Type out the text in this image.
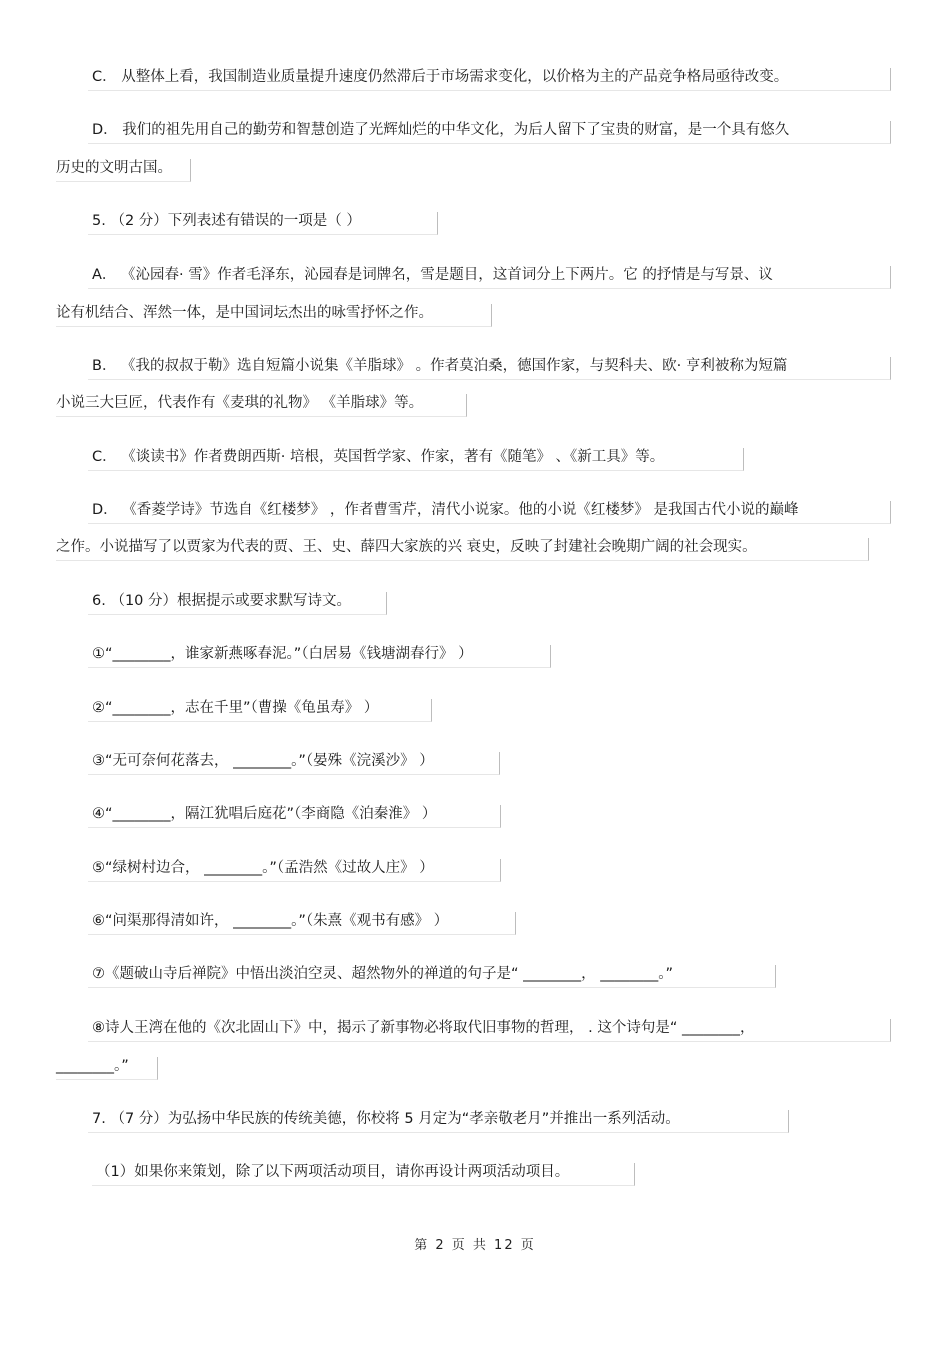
C． 从整体上看，我国制造业质量提升速度仍然滞后于市场需求变化，以价格为主的产品竞争格局亟待改变。
D． 我们的祖先用自己的勤劳和智慧创造了光辉灿烂的中华文化，为后人留下了宝贵的财富，是一个具有悠久
历史的文明古国。
5. （2 分）下列表述有错误的一项是（ ）
A． 《沁园春· 雪》作者毛泽东，沁园春是词牌名，雪是题目，这首词分上下两片。它 的抒情是与写景、议
论有机结合、浑然一体，是中国词坛杰出的咏雪抒怀之作。
B． 《我的叔叔于勒》选自短篇小说集《羊脂球》 。作者莫泊桑，德国作家，与契科夫、欧· 亨利被称为短篇
小说三大巨匠，代表作有《麦琪的礼物》 《羊脂球》等。
C． 《谈读书》作者费朗西斯· 培根，英国哲学家、作家，著有《随笔》 、《新工具》等。
D． 《香菱学诗》节选自《红楼梦》 ，作者曹雪芹，清代小说家。他的小说《红楼梦》 是我国古代小说的巅峰
之作。小说描写了以贾家为代表的贾、王、史、薛四大家族的兴 衰史，反映了封建社会晚期广阔的社会现实。
6. （10 分）根据提示或要求默写诗文。
①“________，谁家新燕啄春泥。”（白居易《钱塘湖春行》 ）
②“________，志在千里”（曹操《龟虽寿》 ）
③“无可奈何花落去， ________。”（晏殊《浣溪沙》 ）
④“________，隔江犹唱后庭花”（李商隐《泊秦淮》 ）
⑤“绿树村边合， ________。”（孟浩然《过故人庄》 ）
⑥“问渠那得清如许， ________。”（朱熹《观书有感》 ）
⑦《题破山寺后禅院》中悟出淡泊空灵、超然物外的禅道的句子是“ ________， ________。”
⑧诗人王湾在他的《次北固山下》中，揭示了新事物必将取代旧事物的哲理， . 这个诗句是“ ________，
________。”
7. （7 分）为弘扬中华民族的传统美德，你校将 5 月定为“孝亲敬老月”并推出一系列活动。
（1）如果你来策划，除了以下两项活动项目，请你再设计两项活动项目。
第 2 页 共 12 页
